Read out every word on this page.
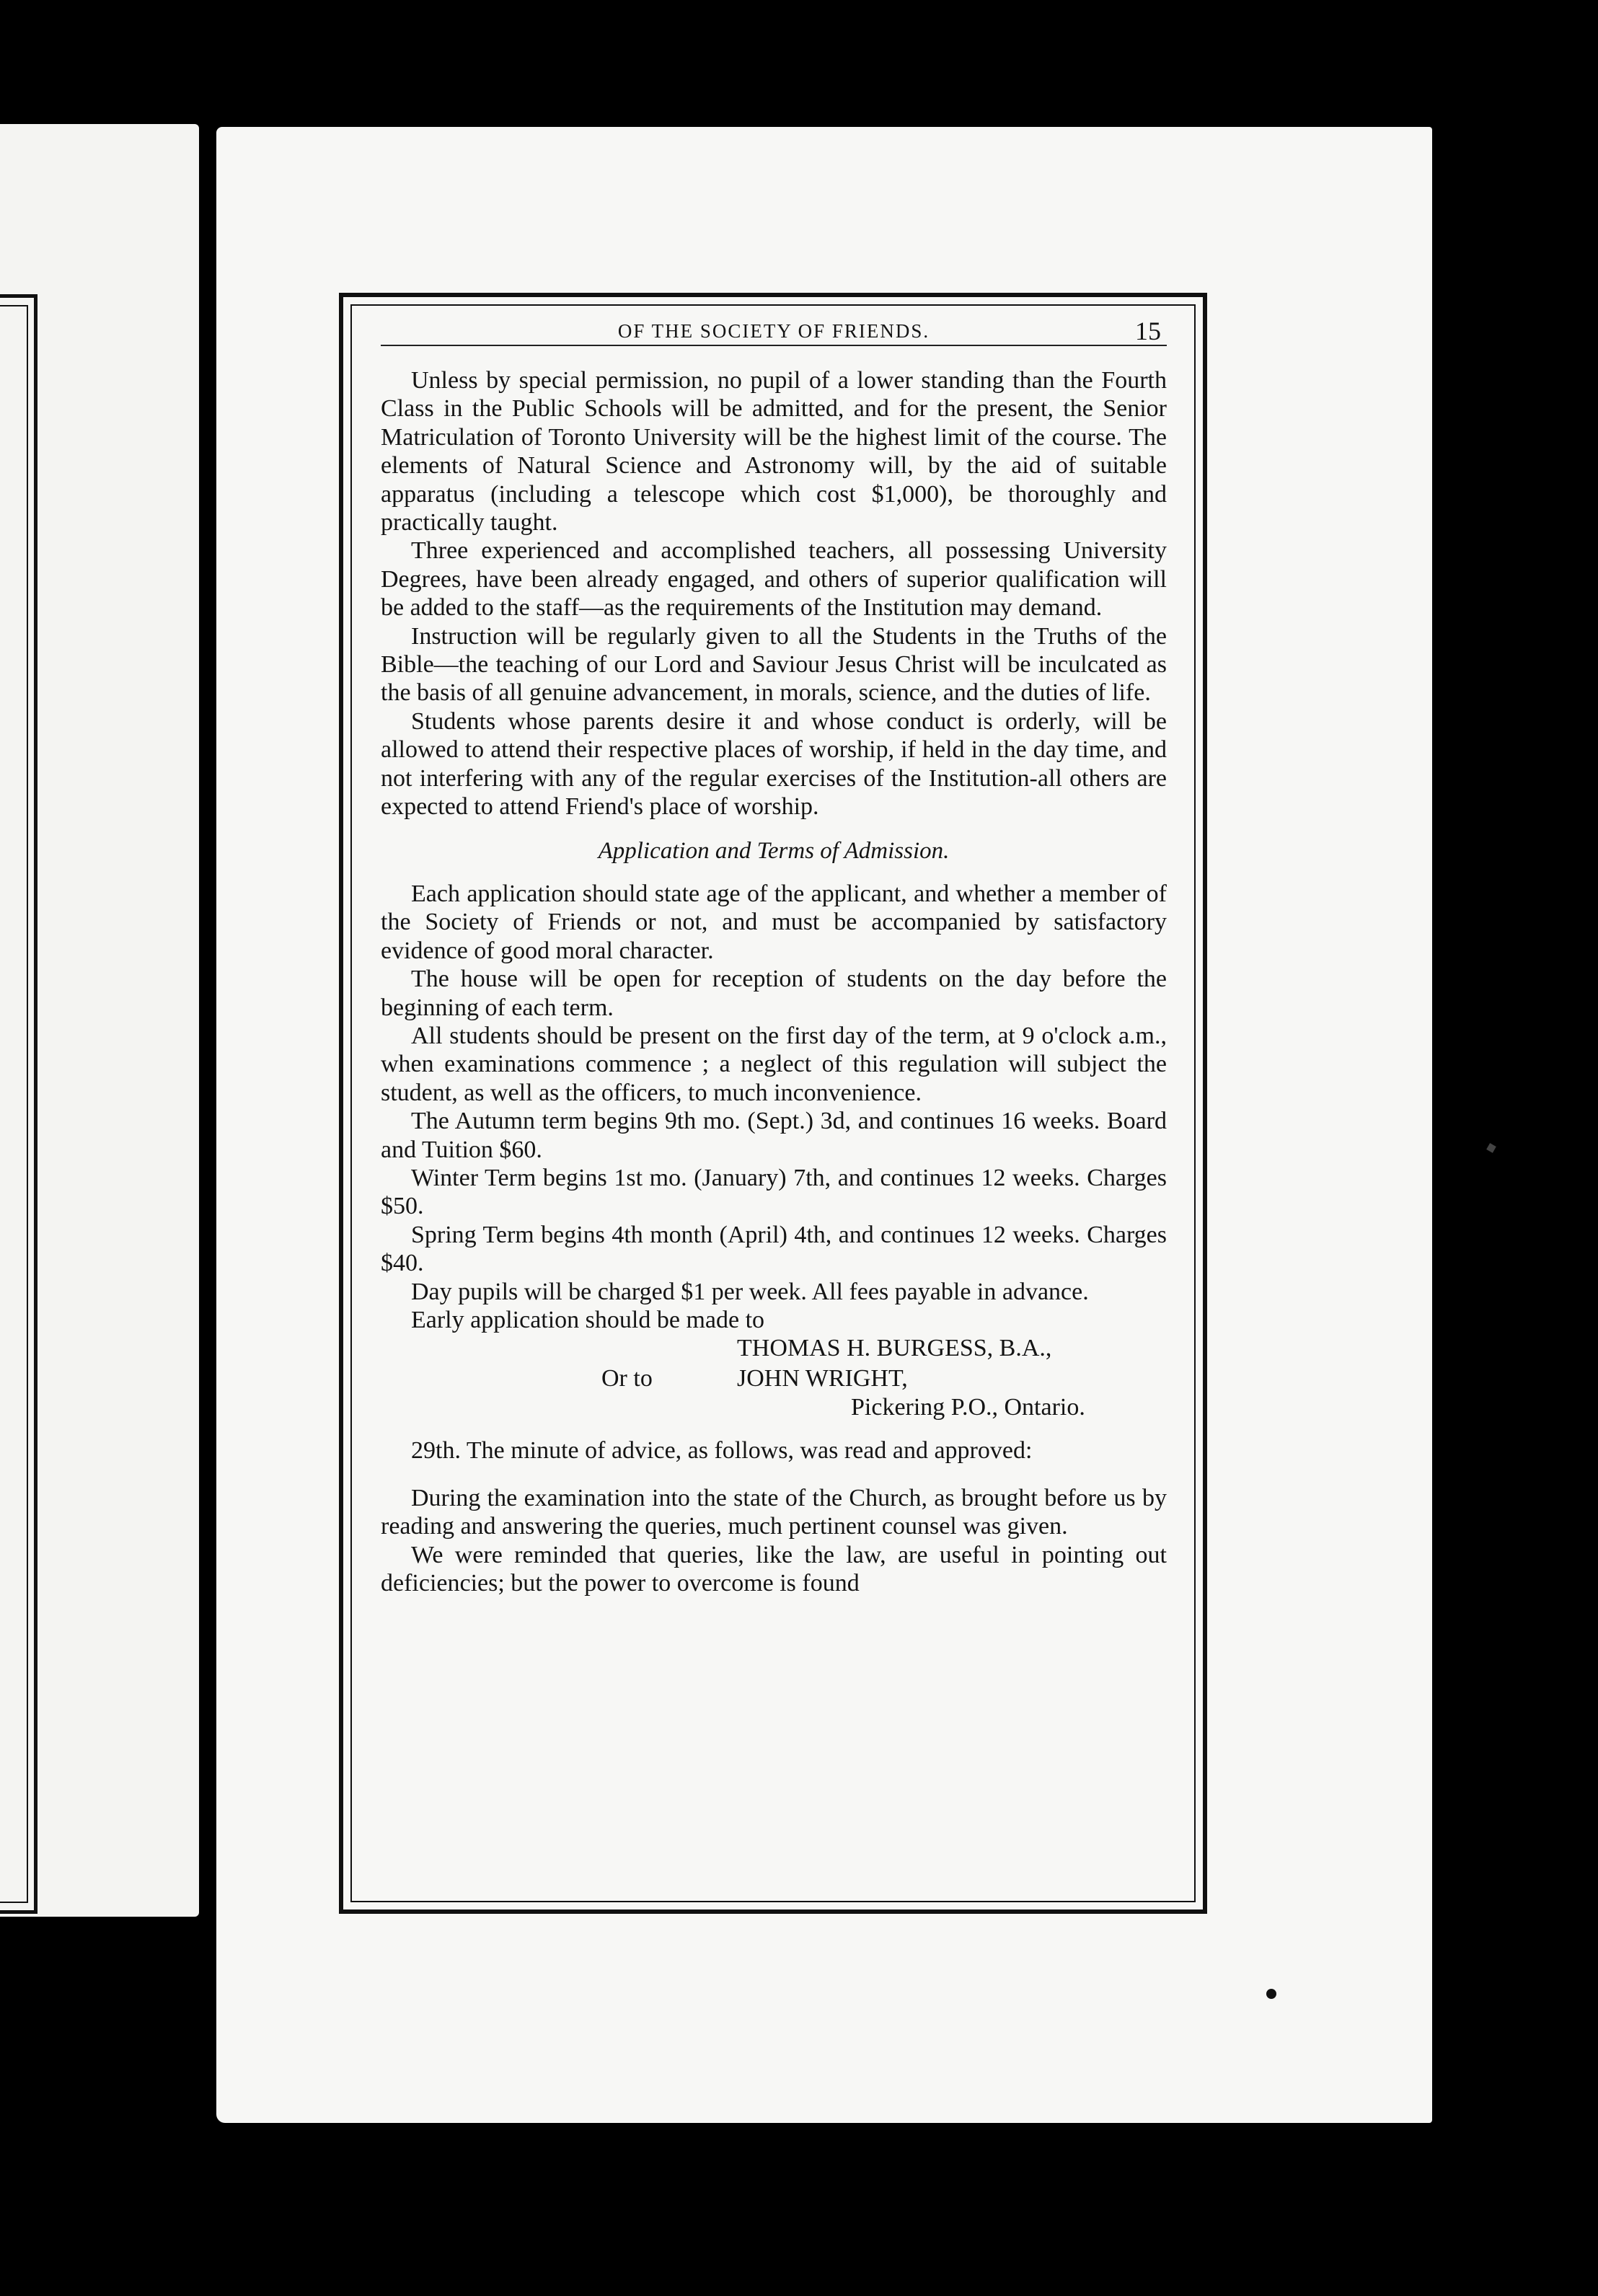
OF THE SOCIETY OF FRIENDS.	15

Unless by special permission, no pupil of a lower standing than the Fourth Class in the Public Schools will be admitted, and for the present, the Senior Matriculation of Toronto University will be the highest limit of the course. The elements of Natural Science and Astronomy will, by the aid of suitable apparatus (including a telescope which cost $1,000), be thoroughly and practically taught.

Three experienced and accomplished teachers, all possessing University Degrees, have been already engaged, and others of superior qualification will be added to the staff—as the requirements of the Institution may demand.

Instruction will be regularly given to all the Students in the Truths of the Bible—the teaching of our Lord and Saviour Jesus Christ will be inculcated as the basis of all genuine advancement, in morals, science, and the duties of life.

Students whose parents desire it and whose conduct is orderly, will be allowed to attend their respective places of worship, if held in the day time, and not interfering with any of the regular exercises of the Institution-all others are expected to attend Friend's place of worship.

Application and Terms of Admission.

Each application should state age of the applicant, and whether a member of the Society of Friends or not, and must be accompanied by satisfactory evidence of good moral character.

The house will be open for reception of students on the day before the beginning of each term.

All students should be present on the first day of the term, at 9 o'clock a.m., when examinations commence ; a neglect of this regulation will subject the student, as well as the officers, to much inconvenience.

The Autumn term begins 9th mo. (Sept.) 3d, and continues 16 weeks. Board and Tuition $60.

Winter Term begins 1st mo. (January) 7th, and continues 12 weeks. Charges $50.

Spring Term begins 4th month (April) 4th, and continues 12 weeks. Charges $40.

Day pupils will be charged $1 per week. All fees payable in advance.

Early application should be made to

THOMAS H. BURGESS, B.A.,
Or to	JOHN WRIGHT,
Pickering P.O., Ontario.

29th. The minute of advice, as follows, was read and approved:

During the examination into the state of the Church, as brought before us by reading and answering the queries, much pertinent counsel was given.

We were reminded that queries, like the law, are useful in pointing out deficiencies; but the power to overcome is found
